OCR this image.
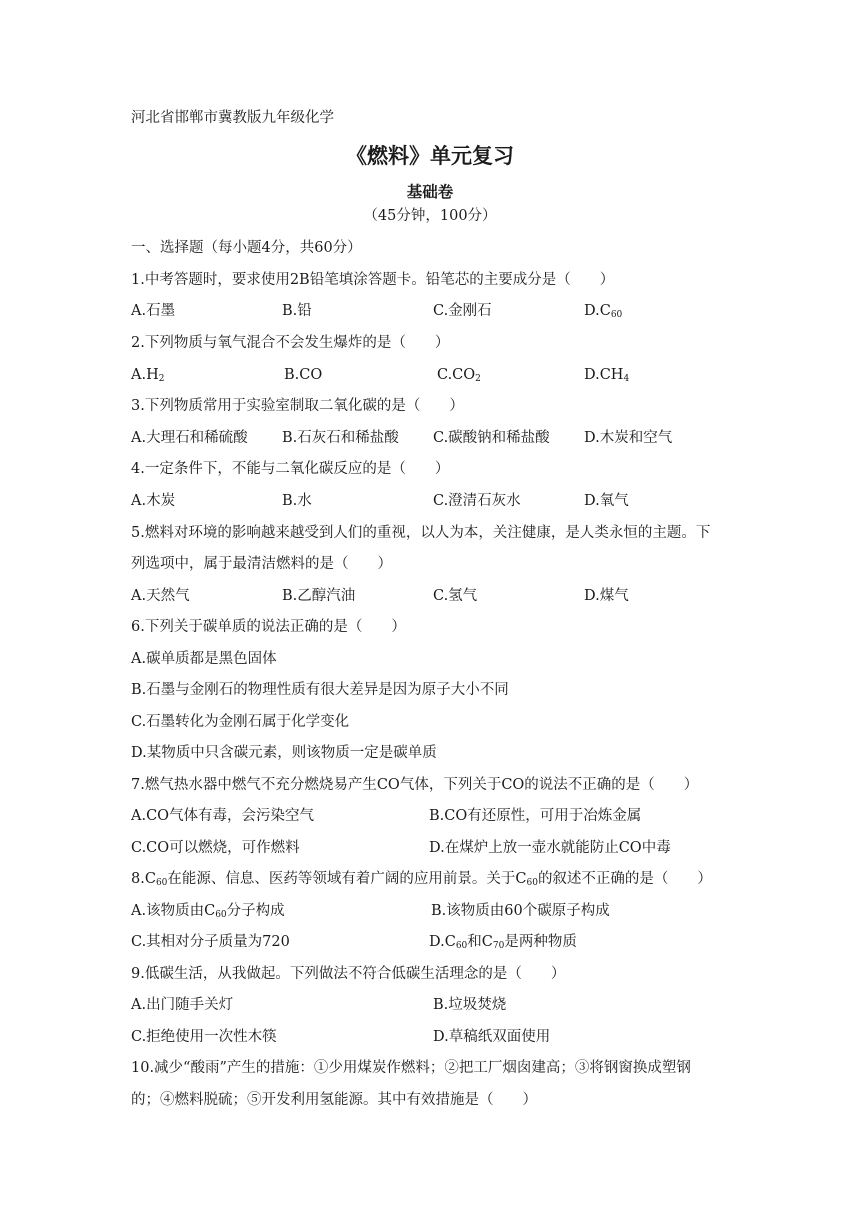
河北省邯郸市冀教版九年级化学
《燃料》单元复习
基础卷
（45分钟，100分）
一、选择题（每小题4分，共60分）
1.中考答题时，要求使用2B铅笔填涂答题卡。铅笔芯的主要成分是（　　）
A.石墨	B.铅	C.金刚石	$D.C_{60}$
2.下列物质与氧气混合不会发生爆炸的是（　　）
$A.H_2$	B.CO	$C.CO_2$	$D.CH_4$
3.下列物质常用于实验室制取二氧化碳的是（　　）
A.大理石和稀硫酸 B.石灰石和稀盐酸 C.碳酸钠和稀盐酸 D.木炭和空气
4.一定条件下，不能与二氧化碳反应的是（　　）
A.木炭	B.水	C.澄清石灰水	D.氧气
5.燃料对环境的影响越来越受到人们的重视，以人为本，关注健康，是人类永恒的主题。下
列选项中，属于最清洁燃料的是（　　）
A.天然气	B.乙醇汽油	C.氢气	D.煤气
6.下列关于碳单质的说法正确的是（　　）
A.碳单质都是黑色固体
B.石墨与金刚石的物理性质有很大差异是因为原子大小不同
C.石墨转化为金刚石属于化学变化
D.某物质中只含碳元素，则该物质一定是碳单质
7.燃气热水器中燃气不充分燃烧易产生CO气体，下列关于CO的说法不正确的是（　　）
A.CO气体有毒，会污染空气	B.CO有还原性，可用于冶炼金属
C.CO可以燃烧，可作燃料	D.在煤炉上放一壶水就能防止CO中毒
$8.C_{60}$在能源、信息、医药等领域有着广阔的应用前景。关于$C_{60}$的叙述不正确的是（　　）
A.该物质由$C_{60}$分子构成	B.该物质由60个碳原子构成
C.其相对分子质量为720	$D.C_{60}$和$C_{70}$是两种物质
9.低碳生活，从我做起。下列做法不符合低碳生活理念的是（　　）
A.出门随手关灯	B.垃圾焚烧
C.拒绝使用一次性木筷	D.草稿纸双面使用
10.减少“酸雨”产生的措施：①少用煤炭作燃料；②把工厂烟囱建高；③将钢窗换成塑钢
的；④燃料脱硫；⑤开发利用氢能源。其中有效措施是（　　）
